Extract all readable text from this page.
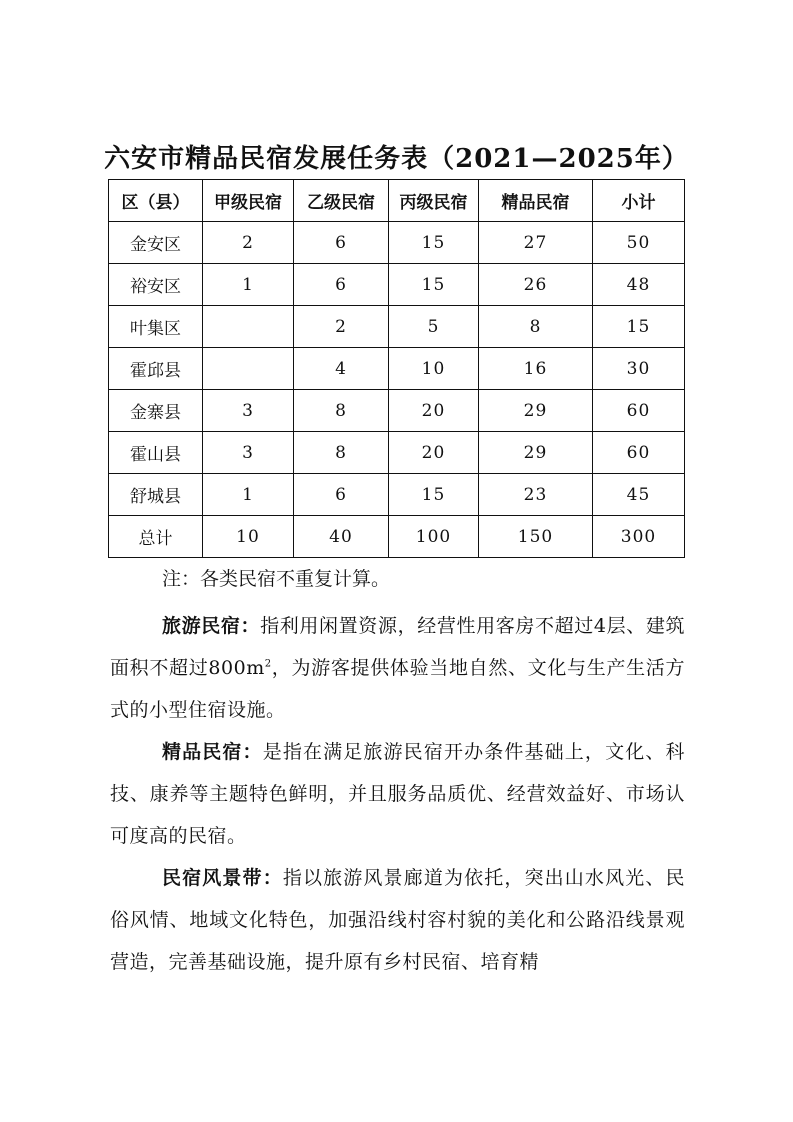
六安市精品民宿发展任务表（2021—2025年）
区（县）	甲级民宿	乙级民宿	丙级民宿	精品民宿	小计
金安区	2	6	15	27	50
裕安区	1	6	15	26	48
叶集区		2	5	8	15
霍邱县		4	10	16	30
金寨县	3	8	20	29	60
霍山县	3	8	20	29	60
舒城县	1	6	15	23	45
总计	10	40	100	150	300
注：各类民宿不重复计算。
旅游民宿：指利用闲置资源，经营性用客房不超过4层、建筑面积不超过$800m^2$，为游客提供体验当地自然、文化与生产生活方式的小型住宿设施。
精品民宿：是指在满足旅游民宿开办条件基础上，文化、科技、康养等主题特色鲜明，并且服务品质优、经营效益好、市场认可度高的民宿。
民宿风景带：指以旅游风景廊道为依托，突出山水风光、民俗风情、地域文化特色，加强沿线村容村貌的美化和公路沿线景观营造，完善基础设施，提升原有乡村民宿、培育精
